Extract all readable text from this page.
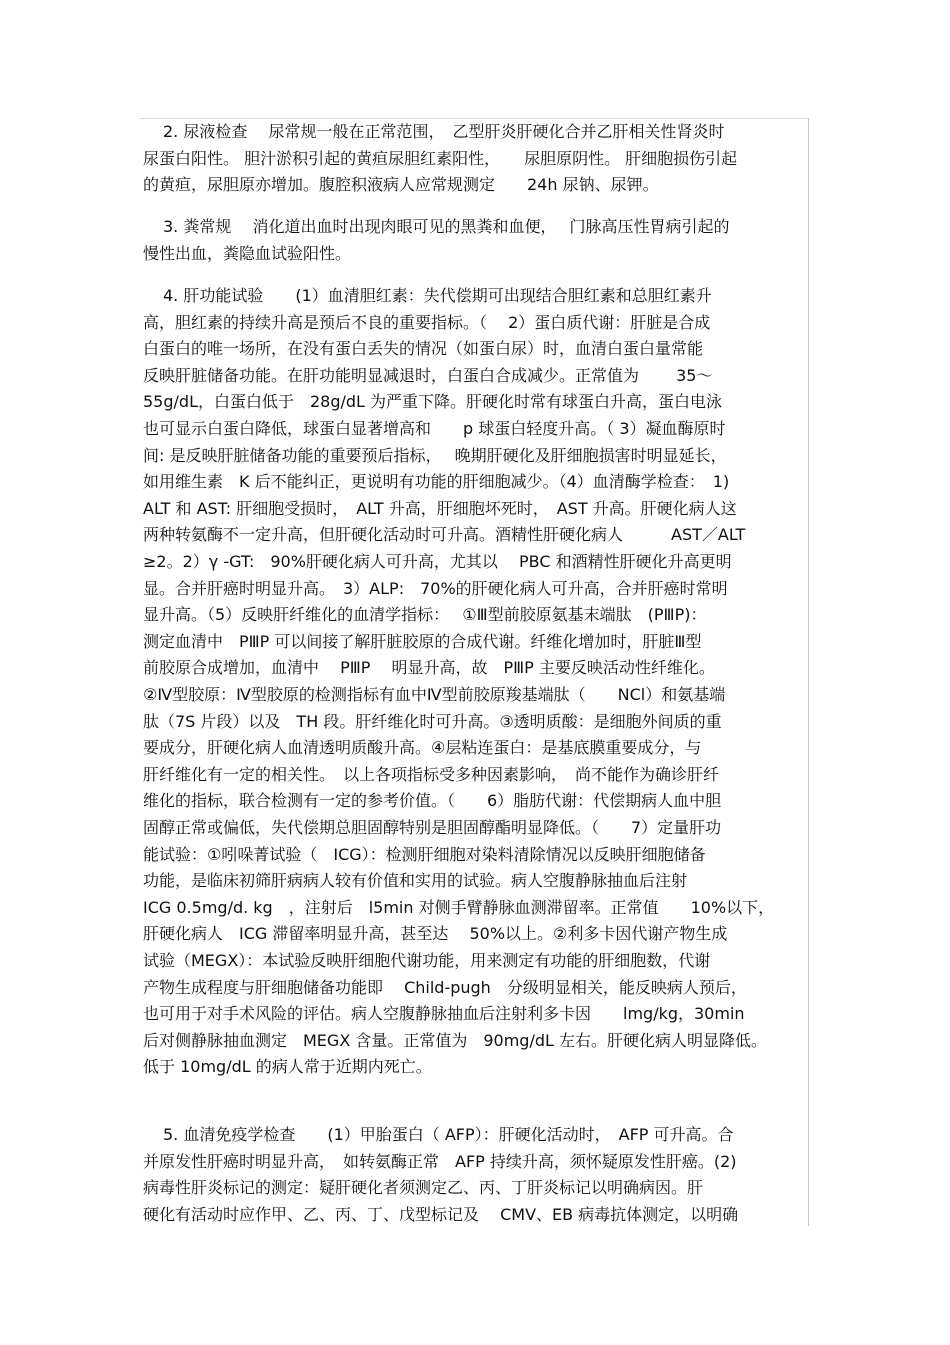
2. 尿液检查　 尿常规一般在正常范围，　乙型肝炎肝硬化合并乙肝相关性肾炎时
尿蛋白阳性。 胆汁淤积引起的黄疸尿胆红素阳性，　　尿胆原阴性。 肝细胞损伤引起
的黄疸，尿胆原亦增加。腹腔积液病人应常规测定　　24h 尿钠、尿钾。
3. 粪常规　 消化道出血时出现肉眼可见的黑粪和血便，　 门脉高压性胃病引起的
慢性出血，粪隐血试验阳性。
4. 肝功能试验　　(1）血清胆红素：失代偿期可出现结合胆红素和总胆红素升
高，胆红素的持续升高是预后不良的重要指标。（　 2）蛋白质代谢：肝脏是合成
白蛋白的唯一场所，在没有蛋白丢失的情况（如蛋白尿）时，血清白蛋白量常能
反映肝脏储备功能。在肝功能明显减退时，白蛋白合成减少。正常值为　　 35～
55g/dL，白蛋白低于　28g/dL 为严重下降。肝硬化时常有球蛋白升高，蛋白电泳
也可显示白蛋白降低，球蛋白显著增高和　　p 球蛋白轻度升高。（ 3）凝血酶原时
间: 是反映肝脏储备功能的重要预后指标，　 晚期肝硬化及肝细胞损害时明显延长，
如用维生素　K 后不能纠正，更说明有功能的肝细胞减少。（4）血清酶学检查：　1)
ALT 和 AST: 肝细胞受损时，　ALT 升高，肝细胞坏死时，　AST 升高。肝硬化病人这
两种转氨酶不一定升高，但肝硬化活动时可升高。酒精性肝硬化病人　　　AST／ALT
≥2。2）γ -GT:　90%肝硬化病人可升高，尤其以　 PBC 和酒精性肝硬化升高更明
显。合并肝癌时明显升高。　3）ALP:　70%的肝硬化病人可升高，合并肝癌时常明
显升高。（5）反映肝纤维化的血清学指标：　 ①Ⅲ型前胶原氨基末端肽　(PⅢP)：
测定血清中　PⅢP 可以间接了解肝脏胶原的合成代谢。纤维化增加时，肝脏Ⅲ型
前胶原合成增加，血清中　 PⅢP　 明显升高，故　PⅢP 主要反映活动性纤维化。
②Ⅳ型胶原：Ⅳ型胶原的检测指标有血中Ⅳ型前胶原羧基端肽（　　NCl）和氨基端
肽（7S 片段）以及　TH 段。肝纤维化时可升高。③透明质酸：是细胞外间质的重
要成分，肝硬化病人血清透明质酸升高。④层粘连蛋白：是基底膜重要成分，与
肝纤维化有一定的相关性。　以上各项指标受多种因素影响，　尚不能作为确诊肝纤
维化的指标，联合检测有一定的参考价值。（　　6）脂肪代谢：代偿期病人血中胆
固醇正常或偏低，失代偿期总胆固醇特别是胆固醇酯明显降低。（　　7）定量肝功
能试验：①吲哚菁试验（　ICG）：检测肝细胞对染料清除情况以反映肝细胞储备
功能，是临床初筛肝病病人较有价值和实用的试验。病人空腹静脉抽血后注射
ICG 0.5mg/d. kg　，注射后　l5min 对侧手臂静脉血测滞留率。正常值　　10%以下，
肝硬化病人　ICG 滞留率明显升高，甚至达　 50%以上。②利多卡因代谢产物生成
试验（MEGX）：本试验反映肝细胞代谢功能，用来测定有功能的肝细胞数，代谢
产物生成程度与肝细胞储备功能即　 Child-pugh　分级明显相关，能反映病人预后，
也可用于对手术风险的评估。病人空腹静脉抽血后注射利多卡因　　lmg/kg，30min
后对侧静脉抽血测定　MEGX 含量。正常值为　90mg/dL 左右。肝硬化病人明显降低。
低于 10mg/dL 的病人常于近期内死亡。
5. 血清免疫学检查　　(1）甲胎蛋白（ AFP）：肝硬化活动时，　AFP 可升高。合
并原发性肝癌时明显升高，　如转氨酶正常　AFP 持续升高，须怀疑原发性肝癌。(2)
病毒性肝炎标记的测定：疑肝硬化者须测定乙、丙、丁肝炎标记以明确病因。肝
硬化有活动时应作甲、乙、丙、丁、戊型标记及　 CMV、EB 病毒抗体测定，以明确
